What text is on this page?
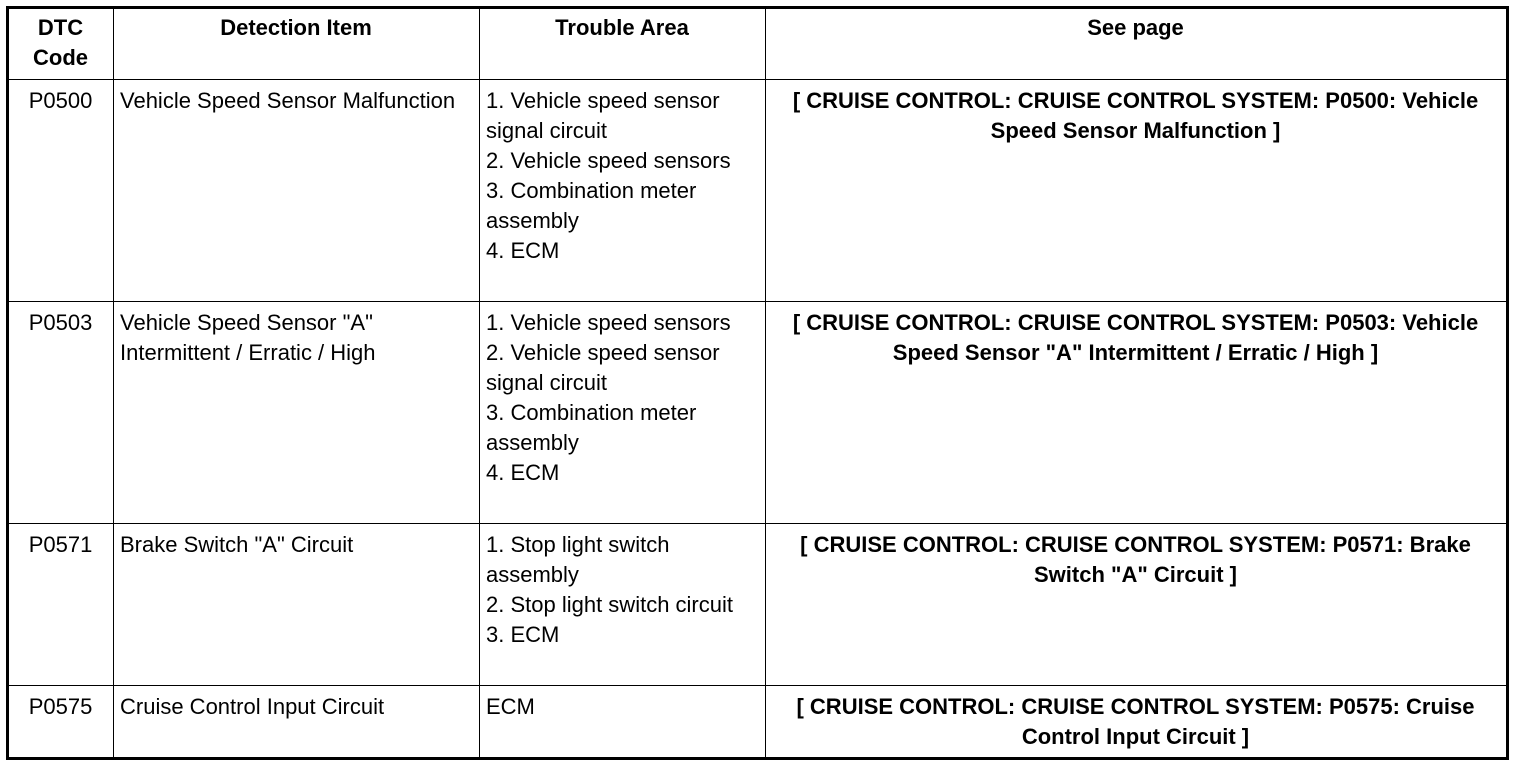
DTC
Code	Detection Item	Trouble Area	See page
P0500	Vehicle Speed Sensor Malfunction	1. Vehicle speed sensor signal circuit
2. Vehicle speed sensors
3. Combination meter assembly
4. ECM	[ CRUISE CONTROL: CRUISE CONTROL SYSTEM: P0500: Vehicle Speed Sensor Malfunction ]
P0503	Vehicle Speed Sensor "A" Intermittent / Erratic / High	1. Vehicle speed sensors
2. Vehicle speed sensor signal circuit
3. Combination meter assembly
4. ECM	[ CRUISE CONTROL: CRUISE CONTROL SYSTEM: P0503: Vehicle Speed Sensor "A" Intermittent / Erratic / High ]
P0571	Brake Switch "A" Circuit	1. Stop light switch assembly
2. Stop light switch circuit
3. ECM	[ CRUISE CONTROL: CRUISE CONTROL SYSTEM: P0571: Brake Switch "A" Circuit ]
P0575	Cruise Control Input Circuit	ECM	[ CRUISE CONTROL: CRUISE CONTROL SYSTEM: P0575: Cruise Control Input Circuit ]
